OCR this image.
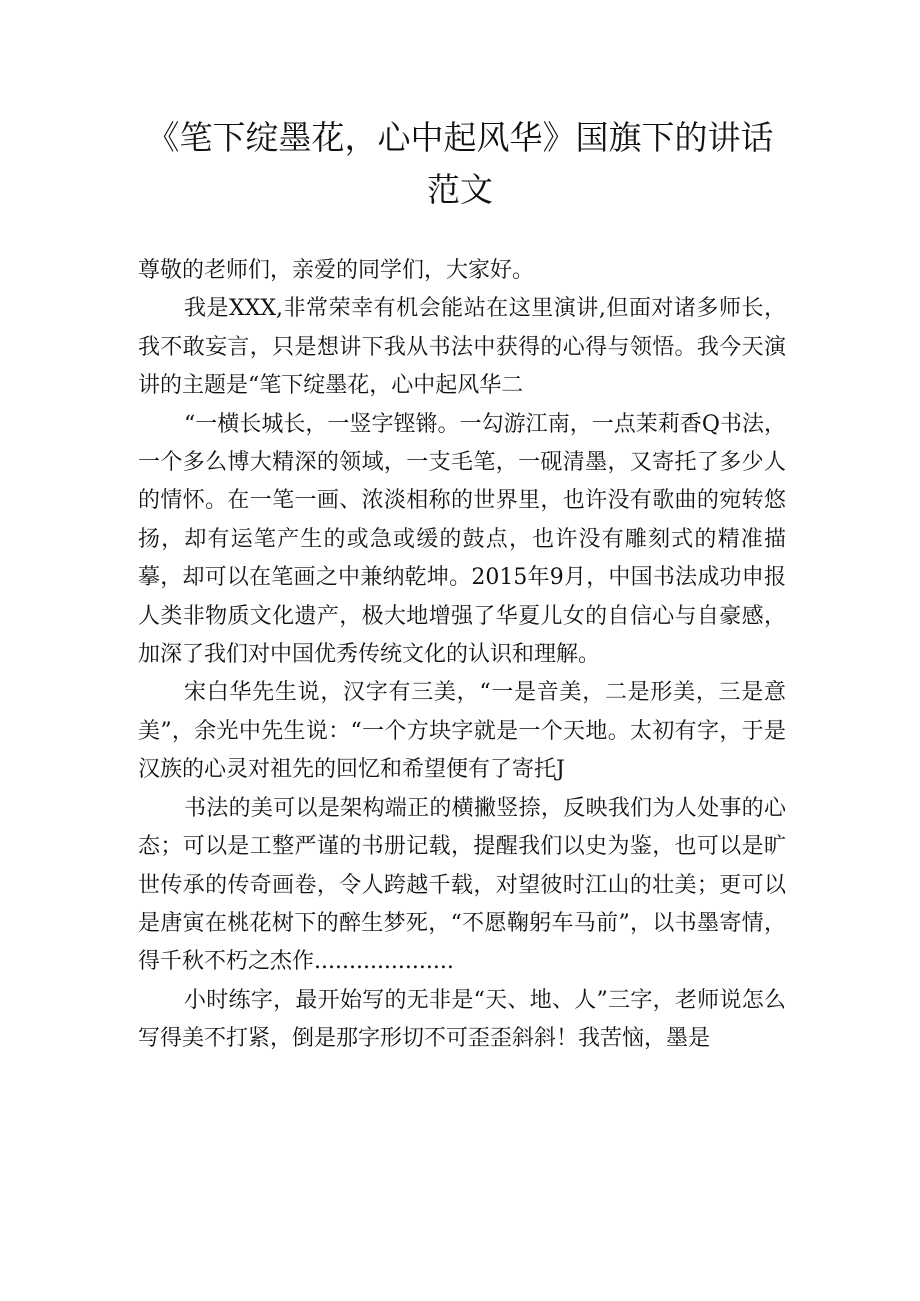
《笔下绽墨花，心中起风华》国旗下的讲话范文

尊敬的老师们，亲爱的同学们，大家好。

我是XXX,非常荣幸有机会能站在这里演讲,但面对诸多师长，我不敢妄言，只是想讲下我从书法中获得的心得与领悟。我今天演讲的主题是“笔下绽墨花，心中起风华二

“一横长城长，一竖字铿锵。一勾游江南，一点茉莉香Q书法，一个多么博大精深的领域，一支毛笔，一砚清墨，又寄托了多少人的情怀。在一笔一画、浓淡相称的世界里，也许没有歌曲的宛转悠扬，却有运笔产生的或急或缓的鼓点，也许没有雕刻式的精准描摹，却可以在笔画之中兼纳乾坤。2015年9月，中国书法成功申报人类非物质文化遗产，极大地增强了华夏儿女的自信心与自豪感，加深了我们对中国优秀传统文化的认识和理解。

宋白华先生说，汉字有三美，“一是音美，二是形美，三是意美”，余光中先生说：“一个方块字就是一个天地。太初有字，于是汉族的心灵对祖先的回忆和希望便有了寄托J

书法的美可以是架构端正的横撇竖捺，反映我们为人处事的心态；可以是工整严谨的书册记载，提醒我们以史为鉴，也可以是旷世传承的传奇画卷，令人跨越千载，对望彼时江山的壮美；更可以是唐寅在桃花树下的醉生梦死，“不愿鞠躬车马前”，以书墨寄情，得千秋不朽之杰作....................

小时练字，最开始写的无非是“天、地、人”三字，老师说怎么写得美不打紧，倒是那字形切不可歪歪斜斜！我苦恼，墨是
